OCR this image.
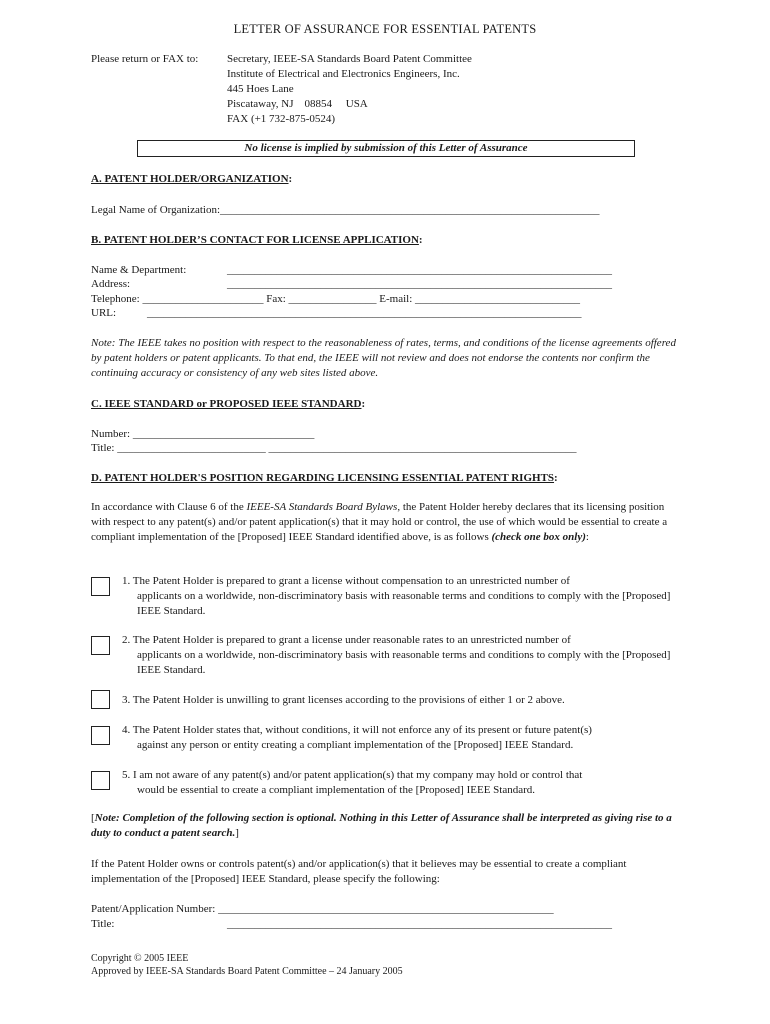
LETTER OF ASSURANCE FOR ESSENTIAL PATENTS
Please return or FAX to:	Secretary, IEEE-SA Standards Board Patent Committee
Institute of Electrical and Electronics Engineers, Inc.
445 Hoes Lane
Piscataway, NJ    08854     USA
FAX (+1 732-875-0524)
No license is implied by submission of this Letter of Assurance
A. PATENT HOLDER/ORGANIZATION:
Legal Name of Organization:_____________________________________________________________________
B. PATENT HOLDER’S CONTACT FOR LICENSE APPLICATION:
Name & Department:	______________________________________________________________________
Address:	______________________________________________________________________
Telephone: ______________________ Fax: ________________ E-mail: ______________________________
URL:	_______________________________________________________________________________
Note: The IEEE takes no position with respect to the reasonableness of rates, terms, and conditions of the license agreements offered by patent holders or patent applicants. To that end, the IEEE will not review and does not endorse the contents nor confirm the continuing accuracy or consistency of any web sites listed above.
C. IEEE STANDARD or PROPOSED IEEE STANDARD:
Number: _________________________________
Title: ___________________________ ________________________________________________________
D. PATENT HOLDER'S POSITION REGARDING LICENSING ESSENTIAL PATENT RIGHTS:
In accordance with Clause 6 of the IEEE-SA Standards Board Bylaws, the Patent Holder hereby declares that its licensing position with respect to any patent(s) and/or patent application(s) that it may hold or control, the use of which would be essential to create a compliant implementation of the [Proposed] IEEE Standard identified above, is as follows (check one box only):
1. The Patent Holder is prepared to grant a license without compensation to an unrestricted number of
applicants on a worldwide, non-discriminatory basis with reasonable terms and conditions to comply with the [Proposed] IEEE Standard.
2. The Patent Holder is prepared to grant a license under reasonable rates to an unrestricted number of
applicants on a worldwide, non-discriminatory basis with reasonable terms and conditions to comply with the [Proposed] IEEE Standard.
3. The Patent Holder is unwilling to grant licenses according to the provisions of either 1 or 2 above.
4. The Patent Holder states that, without conditions, it will not enforce any of its present or future patent(s)
against any person or entity creating a compliant implementation of the [Proposed] IEEE Standard.
5. I am not aware of any patent(s) and/or patent application(s) that my company may hold or control that
would be essential to create a compliant implementation of the [Proposed] IEEE Standard.
[Note: Completion of the following section is optional. Nothing in this Letter of Assurance shall be interpreted as giving rise to a duty to conduct a patent search.]
If the Patent Holder owns or controls patent(s) and/or application(s) that it believes may be essential to create a compliant implementation of the [Proposed] IEEE Standard, please specify the following:
Patent/Application Number: _____________________________________________________________
Title:	______________________________________________________________________
Copyright © 2005 IEEE
Approved by IEEE-SA Standards Board Patent Committee – 24 January 2005
